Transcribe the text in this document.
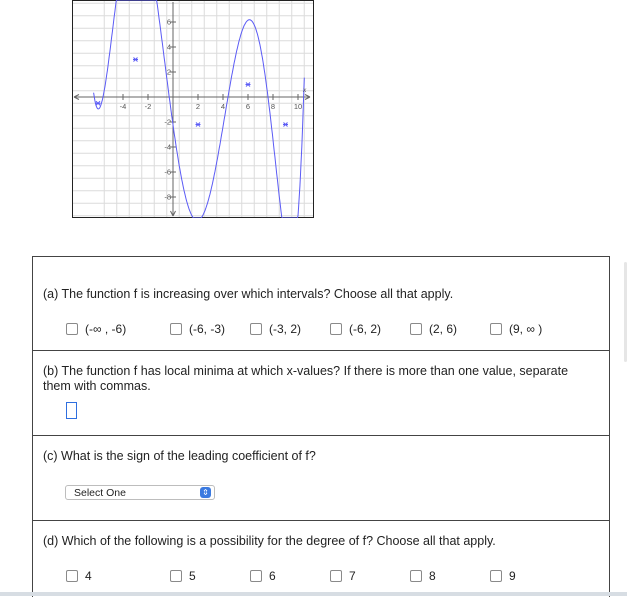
-4 -2	2	4	6	8 10
6
4
2
-2
-4
-6
-8
x
(a) The function f is increasing over which intervals? Choose all that apply.
(-∞ , -6)	(-6, -3)	(-3, 2)	(-6, 2)	(2, 6)	(9, ∞ )
(b) The function f has local minima at which x-values? If there is more than one value, separate them with commas.
(c) What is the sign of the leading coefficient of f?
Select One	⇕
(d) Which of the following is a possibility for the degree of f? Choose all that apply.
4	5	6	7	8	9
